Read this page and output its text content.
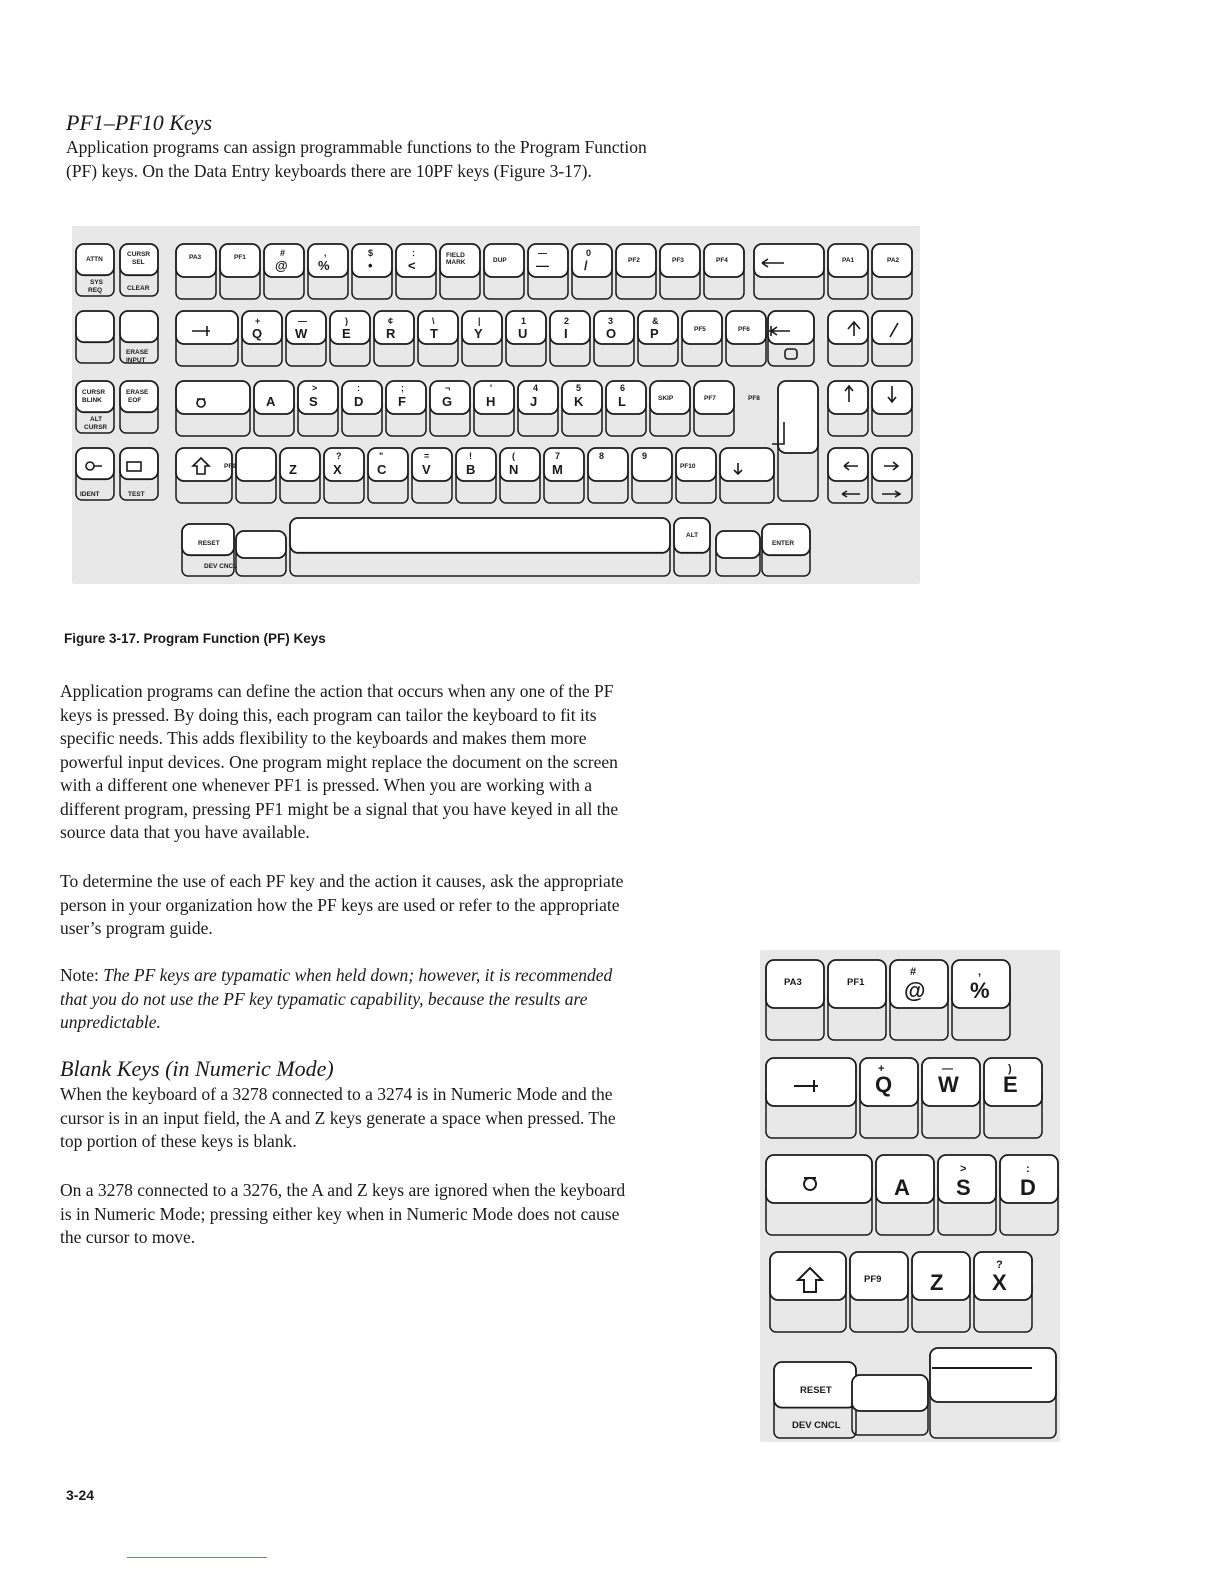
PF1–PF10 Keys
Application programs can assign programmable functions to the Program Function
(PF) keys. On the Data Entry keyboards there are 10PF keys (Figure 3-17).
ATTN
CURSR
SEL
SYS
REQ	CLEAR
ERASE
INPUT
CURSR
BLINK
ERASE
EOF
ALT
CURSR
IDENT	TEST
PA3	PF1	#
@
,
%
$
•
:
<
FIELD
MARK	DUP
—
—
0
/	PF2	PF3	PF4	PA1	PA2
Q
+
W
—
E
)
R
¢
T
\
Y
|
U
1
I
2
O
3
P
&
PF5	PF6
A	S
>
D
:
F
;
G
¬
H
'
J
4
K
5
L
6
SKIP	PF7	PF8
PF9	Z	X
?
C
"
V
=
B
!
N
(
M
7	8	9
PF10
RESET
DEV CNCL
ALT
ENTER
Figure 3-17. Program Function (PF) Keys
Application programs can define the action that occurs when any one of the PF
keys is pressed. By doing this, each program can tailor the keyboard to fit its
specific needs. This adds flexibility to the keyboards and makes them more
powerful input devices. One program might replace the document on the screen
with a different one whenever PF1 is pressed. When you are working with a
different program, pressing PF1 might be a signal that you have keyed in all the
source data that you have available.
To determine the use of each PF key and the action it causes, ask the appropriate
person in your organization how the PF keys are used or refer to the appropriate
user’s program guide.
Note: The PF keys are typamatic when held down; however, it is recommended
that you do not use the PF key typamatic capability, because the results are
unpredictable.
Blank Keys (in Numeric Mode)
When the keyboard of a 3278 connected to a 3274 is in Numeric Mode and the
cursor is in an input field, the A and Z keys generate a space when pressed. The
top portion of these keys is blank.
On a 3278 connected to a 3276, the A and Z keys are ignored when the keyboard
is in Numeric Mode; pressing either key when in Numeric Mode does not cause
the cursor to move.
PA3	PF1
#
@
,
%
+
Q
—
W
)
E
A
>
S
:
D
PF9 Z
?
X
RESET
DEV CNCL
3-24
